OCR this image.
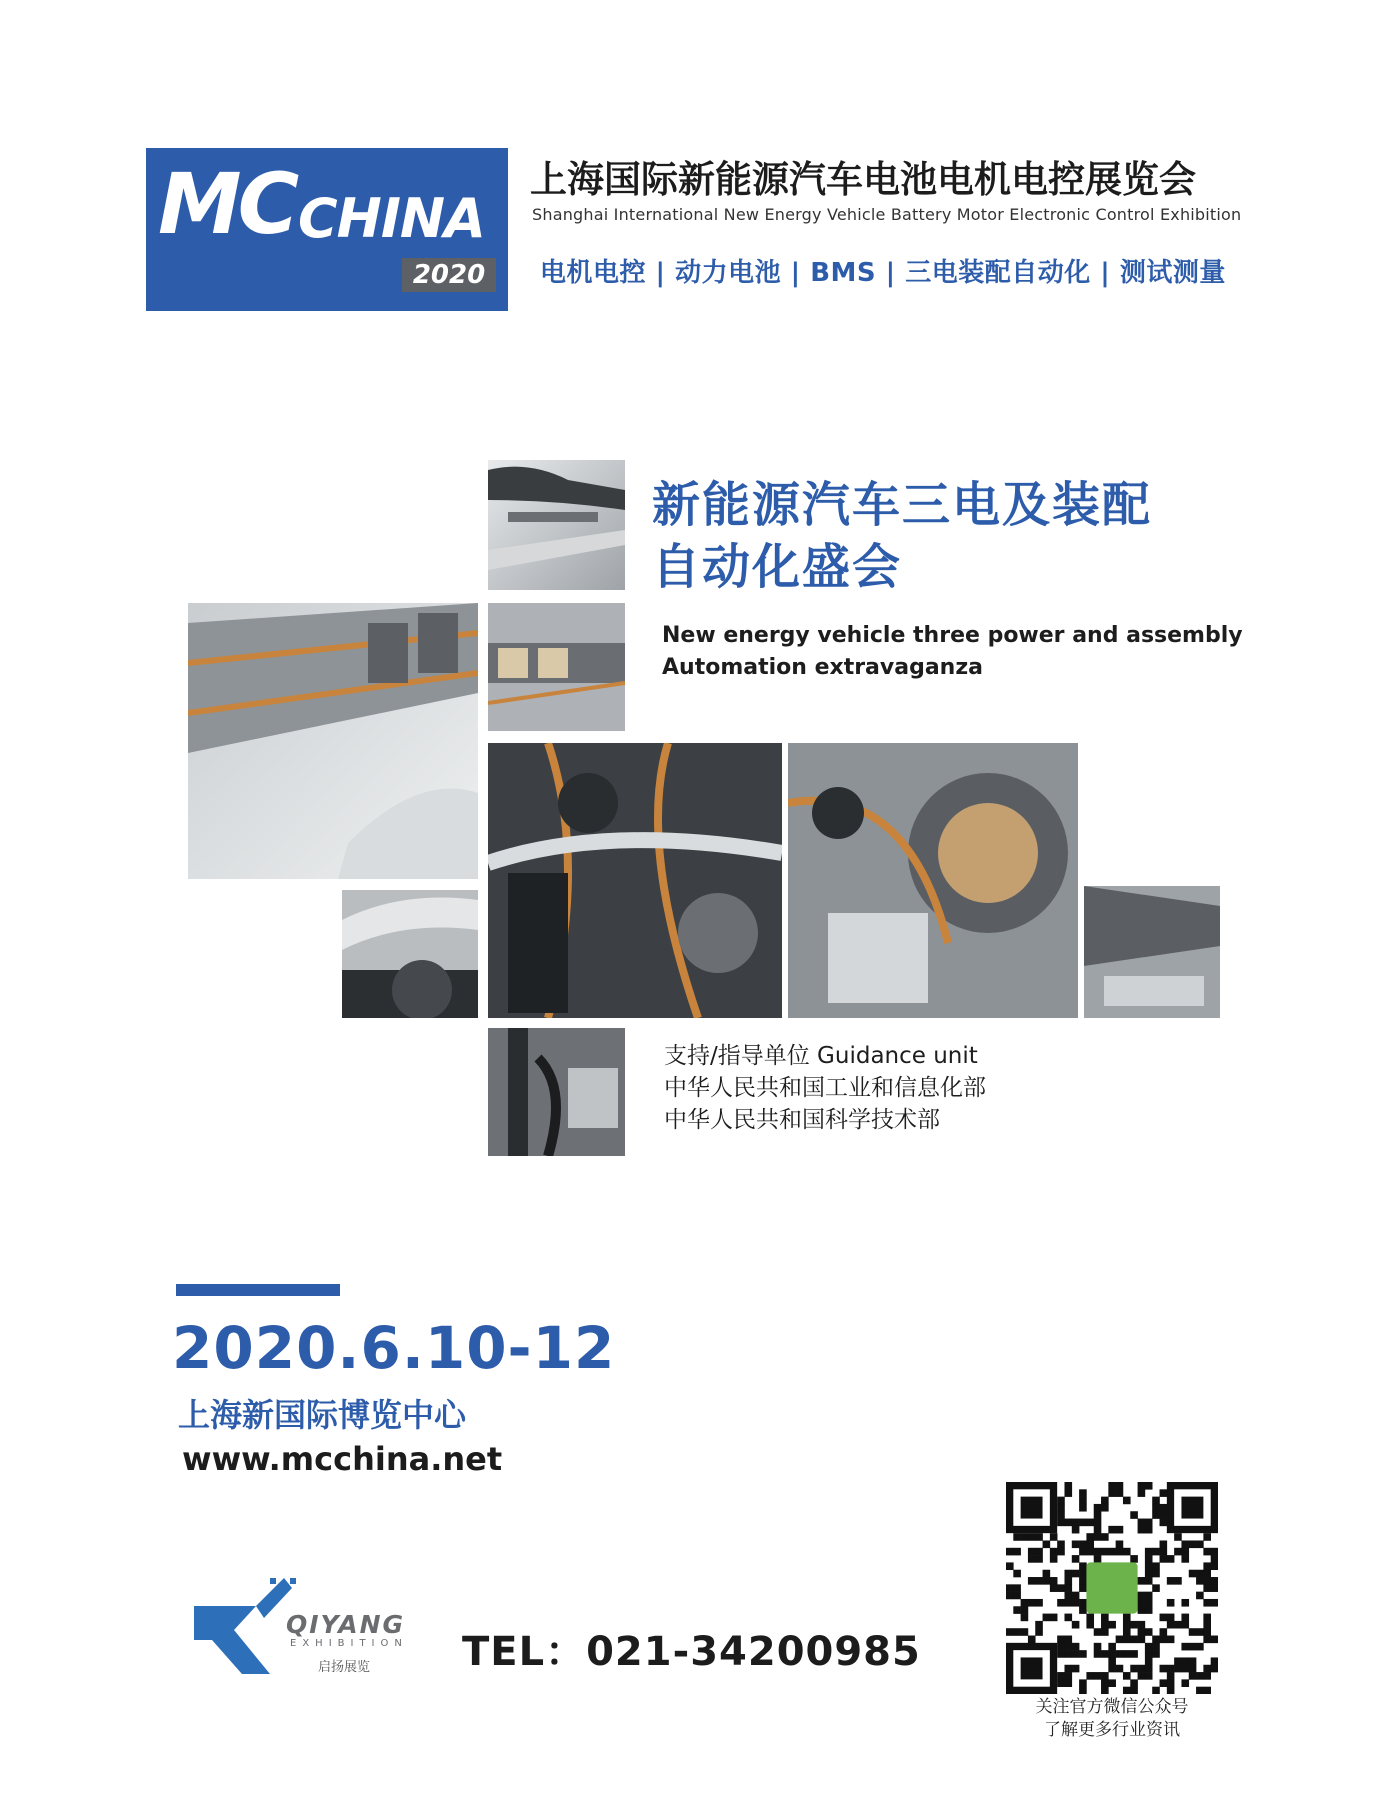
MC CHINA
2020
上海国际新能源汽车电池电机电控展览会
Shanghai International New Energy Vehicle Battery Motor Electronic Control Exhibition
电机电控 | 动力电池 | BMS | 三电装配自动化 | 测试测量
新能源汽车三电及装配
自动化盛会
New energy vehicle three power and assembly
Automation extravaganza
支持/指导单位 Guidance unit
中华人民共和国工业和信息化部
中华人民共和国科学技术部
2020.6.10-12
上海新国际博览中心
www.mcchina.net
QIYANG
EXHIBITION
启扬展览 TEL：021-34200985
关注官方微信公众号
了解更多行业资讯
